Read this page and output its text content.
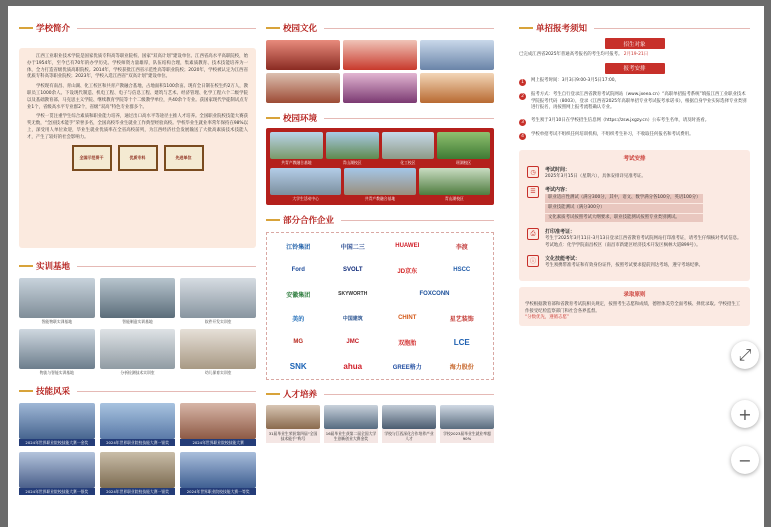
学校简介

江西工业职业技术学院是国家优质专科高等职业院校、国家“双高计划”建设单位、江西省高水平高职院校，始办于1954年，至今已有70年的办学历史。学校师资力量雄厚，队伍结构合理，集素质教育、技术技能培养为一体，全力打造省级优质高职院校。2014年，学校获批江西省示范性高等职业院校；2020年，学校被认定为江西省优质专科高等职业院校；2023年，学校入选江西省“双高计划”建设单位。

学校现有南昌、青山湖、化工校区和共青产教融合基地，占地面积1100余亩。现有全日制在校生约2万人，教职员工1000余人。下设现代制造、机电工程、电子与信息工程、建筑与艺术、经济管理、化学工程六个二级学院以及基础教育部、马克思主义学院、继续教育学院等十个二级教学单位，共40余个专业。获国家现代学徒制试点专业1个，省级高水平专业群2个，省级“双高”特色专业群多个。

学校一贯注重学生综合素质和职业能力培养，通过出口高水平等途径主推人才培养。全国职业院校技能大赛获奖无数，“全国技术能手”荣誉多名，全国高校毕业生就业工作典型经验高校。学校毕业生就业率常年保持在98%以上，深受用人单位欢迎，毕业生就业优质率在全省高校前列，为江西经济社会发展输送了大批高素质技术技能人才，产生了较好的社会影响力。

全国示范骨干	优质专科	先进单位
实训基地
智能物联实训基地	智能制造实训基地	软件开发实训室
物流与智能实训基地	分析检测技术实训室	幼儿保育实训室
技能风采
2024年世界职业院校技能大赛一金奖	2024年世界职业院校技能大赛一银奖	2024年世界职业院校技能大赛
2024年世界职业院校技能大赛一银奖	2024年世界职业院校技能大赛一银奖	2024年世界职业院校技能大赛一等奖
校园文化
校园环境
共青产教融合基地	青山湖校区	化工校区	瑶湖校区
大学生活动中心	共青产教融合基地	青山湖校区
部分合作企业
江铃集团	中国二三	HUAWEI	李渡
Ford	SVOLT	JD京东	HSCC
安徽集团	SKYWORTH	FOXCONN
美的	中国建筑	CHINT	星艺装饰
MG	JMC	双胞胎	LCE
SNK	ahua	GREE格力	海力股份
人才培养
31届毕业生荣获第四届“全国技术能手”称号
16届毕业生获第二届全国大学生创新创业大赛金奖
学校与江西深化合作培养产业人才
学校2023届毕业生就业率超90%
单招报考须知
招生对象
已完成江西省2025年普通高考报名的考生均可报考。 2月19-21日
报考安排
1	网上报考时间：3月3日9:00-3月5日17:00。
2	报考方式：考生自行登录江西省教育考试院网站（www.jxeea.cn）“高职单招报考系统”填报江西工业职业技术学院报考代码（8003），登录《江西省2025年高职单招专业考试报考承诺书》，根据自身学业实际选择专业类别进行报名，再按照网上报考流程确认专业。
3	考生须于3月10日在学校招生信息网（https://zsw.jxgzy.cn）公布考生名单，请及时查看。
4	学校单招考试不组织任何培训机构，不组织考生补习，不收取任何报名和考试费用。
考试安排
◷	考试时间：
2025年3月15日（星期六），具体安排详见准考证。
☰	考试内容：
职业适应性测试（满分300分，其中，语文、数学满分各100分，英语100分）
职业技能测试（满分300分）
文化素质考试按照考试大纲要求，职业技能测试按照专业类别测试。
⎙	打印准考证：
考生于2025年3月11日-3月13日登录江西省教育考试院网站打印准考证，请考生仔细核对考试信息。
考试地点：化学学院南昌校区（南昌市新建区经济技术开发区枫林大道899号）。
ⓘ	文化技能考试：
考生须携带准考证和有效身份证件，按照考试要求提前到达考场，遵守考场纪律。
录取原则
学校根据教育部和省教育考试院相关规定，按照考生志愿和成绩，德智体美劳全面考核、择优录取。学校招生工作接受纪检监察部门和社会各界监督。
“分数优先，遵循志愿”
⤢
+
−
